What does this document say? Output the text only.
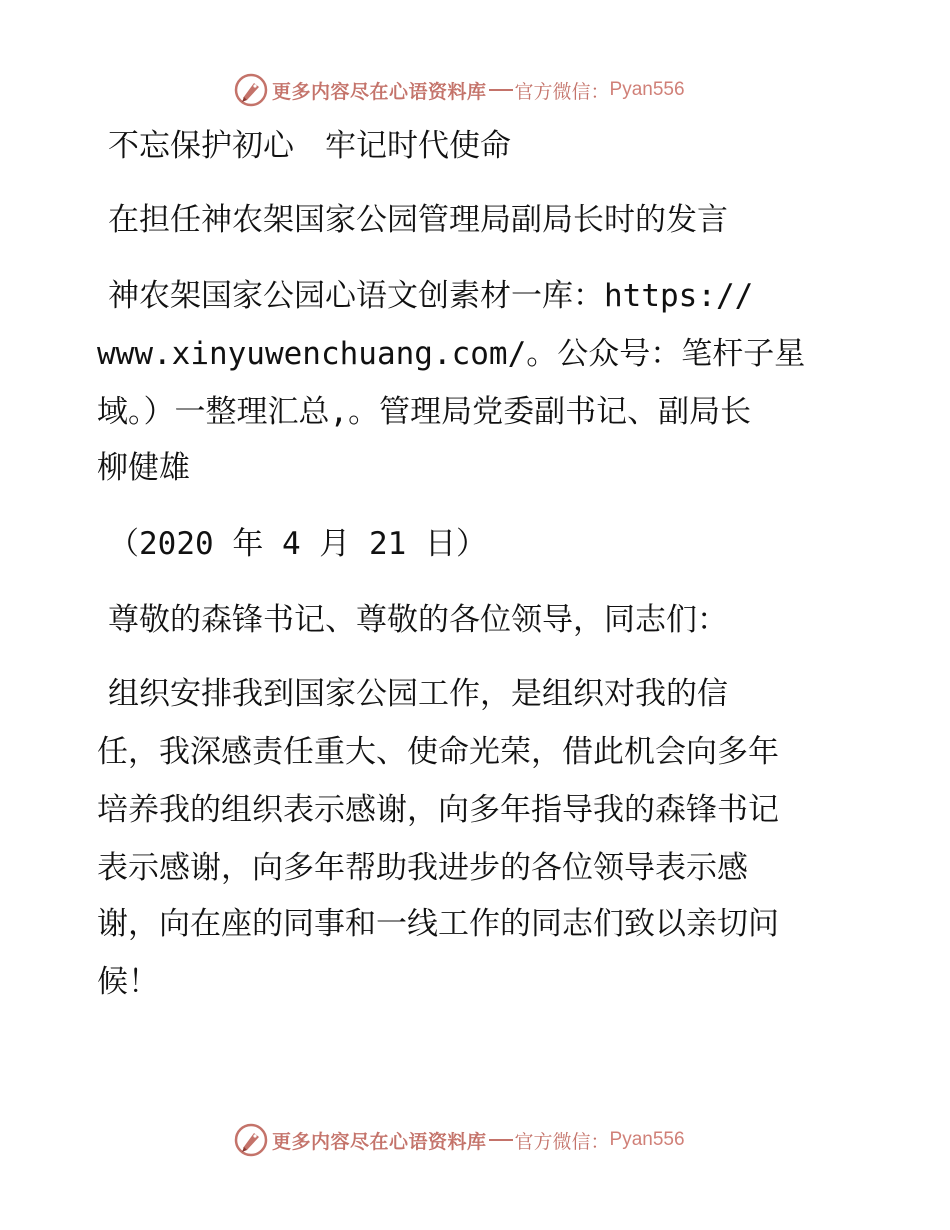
更多内容尽在心语资料库 官方微信： Pyan556
不忘保护初心　牢记时代使命
在担任神农架国家公园管理局副局长时的发言
神农架国家公园心语文创素材一库：https://
www.xinyuwenchuang.com/。公众号：笔杆子星
域。）一整理汇总,。管理局党委副书记、副局长
柳健雄
（2020 年 4 月 21 日）
尊敬的森锋书记、尊敬的各位领导，同志们：
组织安排我到国家公园工作，是组织对我的信
任，我深感责任重大、使命光荣，借此机会向多年
培养我的组织表示感谢，向多年指导我的森锋书记
表示感谢，向多年帮助我进步的各位领导表示感
谢，向在座的同事和一线工作的同志们致以亲切问
候！
更多内容尽在心语资料库 官方微信： Pyan556
